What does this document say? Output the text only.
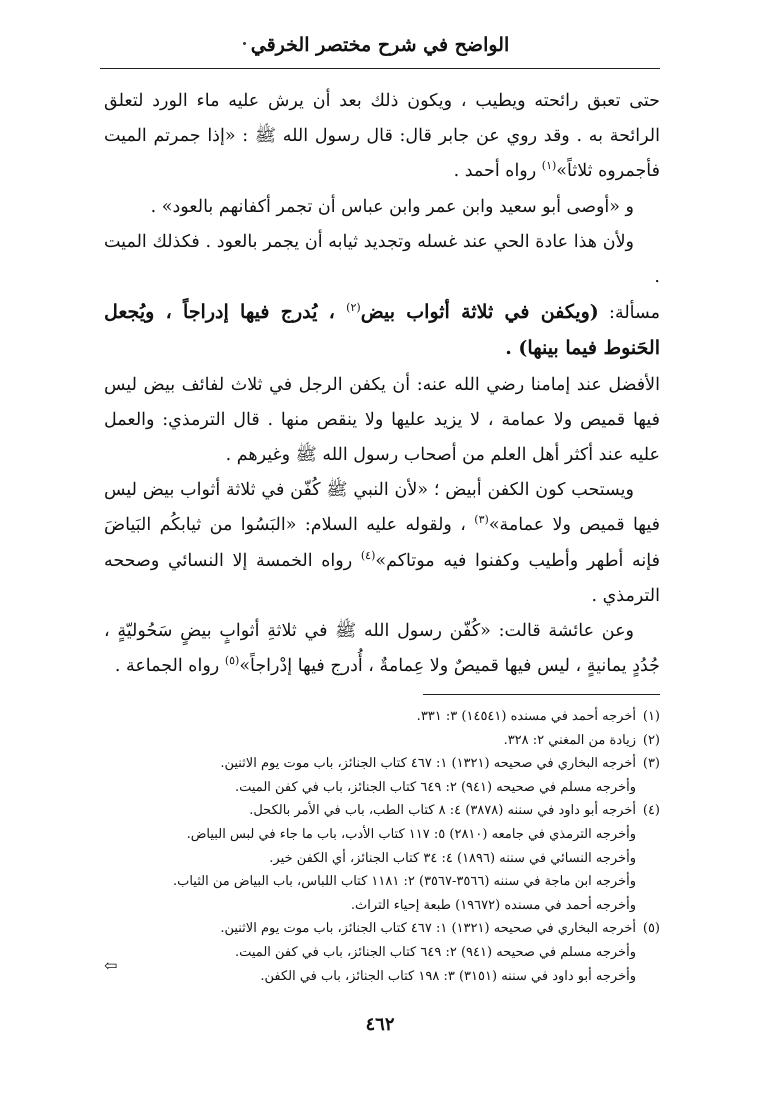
الواضح في شرح مختصر الخرقي

حتى تعبق رائحته ويطيب ، ويكون ذلك بعد أن يرش عليه ماء الورد لتعلق الرائحة به . وقد روي عن جابر قال: قال رسول الله ﷺ : «إذا جمرتم الميت فأجمروه ثلاثاً»$^{(١)}$ رواه أحمد .

و «أوصى أبو سعيد وابن عمر وابن عباس أن تجمر أكفانهم بالعود» .

ولأن هذا عادة الحي عند غسله وتجديد ثيابه أن يجمر بالعود . فكذلك الميت .

مسألة: (ويكفن في ثلاثة أثواب بيض$^{(٢)}$ ، يُدرج فيها إدراجاً ، ويُجعل الحَنوط فيما بينها) .

الأفضل عند إمامنا رضي الله عنه: أن يكفن الرجل في ثلاث لفائف بيض ليس فيها قميص ولا عمامة ، لا يزيد عليها ولا ينقص منها . قال الترمذي: والعمل عليه عند أكثر أهل العلم من أصحاب رسول الله ﷺ وغيرهم .

ويستحب كون الكفن أبيض ؛ «لأن النبي ﷺ كُفّن في ثلاثة أثواب بيض ليس فيها قميص ولا عمامة»$^{(٣)}$ ، ولقوله عليه السلام: «البَسُوا من ثيابكُم البَياضَ فإنه أطهر وأطيب وكفنوا فيه موتاكم»$^{(٤)}$ رواه الخمسة إلا النسائي وصححه الترمذي .

وعن عائشة قالت: «كُفّن رسول الله ﷺ في ثلاثةِ أثوابٍ بيضٍ سَحُوليّةٍ ، جُدُدٍ يمانيةٍ ، ليس فيها قميصٌ ولا عِمامةٌ ، أُدرج فيها إدْراجاً»$^{(٥)}$ رواه الجماعة .

(١)أخرجه أحمد في مسنده (١٤٥٤١) ٣: ٣٣١.
(٢)زيادة من المغني ٢: ٣٢٨.
(٣)أخرجه البخاري في صحيحه (١٣٢١) ١: ٤٦٧ كتاب الجنائز، باب موت يوم الاثنين.
وأخرجه مسلم في صحيحه (٩٤١) ٢: ٦٤٩ كتاب الجنائز، باب في كفن الميت.
(٤)أخرجه أبو داود في سننه (٣٨٧٨) ٤: ٨ كتاب الطب، باب في الأمر بالكحل.
وأخرجه الترمذي في جامعه (٢٨١٠) ٥: ١١٧ كتاب الأدب، باب ما جاء في لبس البياض.
وأخرجه النسائي في سننه (١٨٩٦) ٤: ٣٤ كتاب الجنائز، أي الكفن خير.
وأخرجه ابن ماجة في سننه (٣٥٦٦-٣٥٦٧) ٢: ١١٨١ كتاب اللباس، باب البياض من الثياب.
وأخرجه أحمد في مسنده (١٩٦٧٢) طبعة إحياء التراث.
(٥)أخرجه البخاري في صحيحه (١٣٢١) ١: ٤٦٧ كتاب الجنائز، باب موت يوم الاثنين.
وأخرجه مسلم في صحيحه (٩٤١) ٢: ٦٤٩ كتاب الجنائز، باب في كفن الميت.
وأخرجه أبو داود في سننه (٣١٥١) ٣: ١٩٨ كتاب الجنائز، باب في الكفن.
⇦
٤٦٢
